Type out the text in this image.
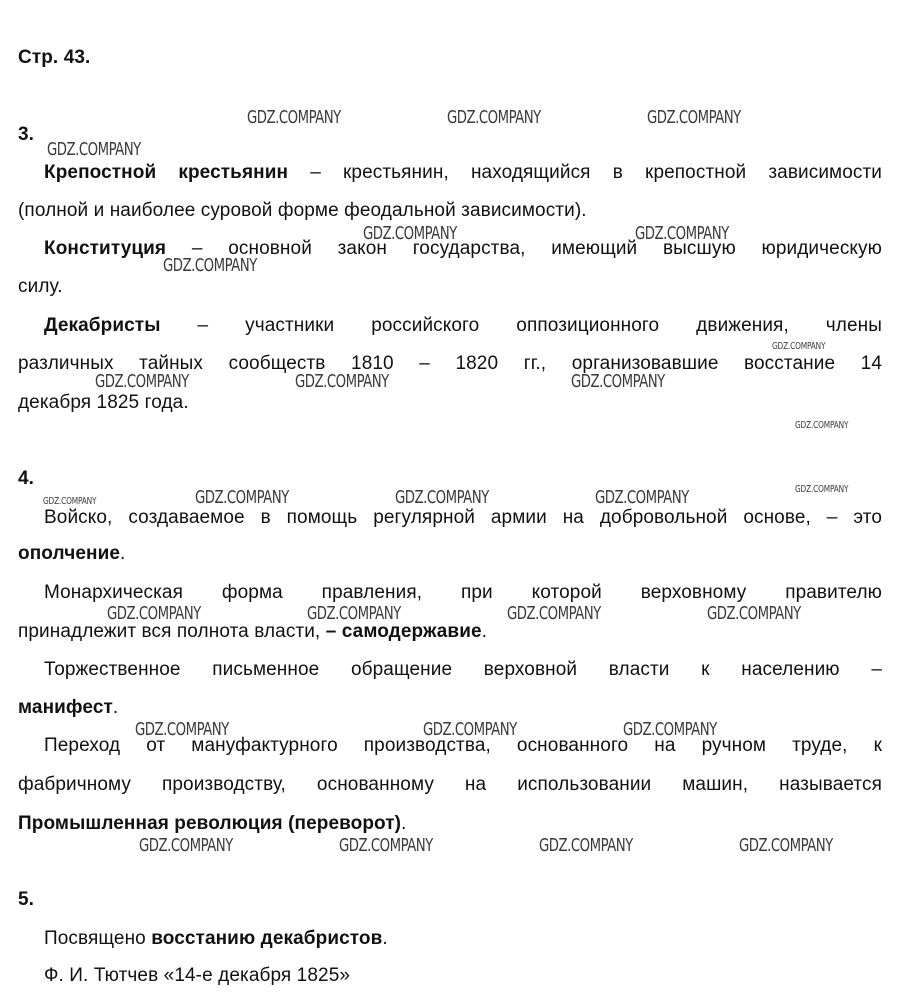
Стр. 43.
3.
Крепостной крестьянин – крестьянин, находящийся в крепостной зависимости
(полной и наиболее суровой форме феодальной зависимости).
Конституция – основной закон государства, имеющий высшую юридическую
силу.
Декабристы – участники российского оппозиционного движения, члены
различных тайных сообществ 1810 – 1820 гг., организовавшие восстание 14
декабря 1825 года.
4.
Войско, создаваемое в помощь регулярной армии на добровольной основе, – это
ополчение.
Монархическая форма правления, при которой верховному правителю
принадлежит вся полнота власти, – самодержавие.
Торжественное письменное обращение верховной власти к населению –
манифест.
Переход от мануфактурного производства, основанного на ручном труде, к
фабричному производству, основанному на использовании машин, называется
Промышленная революция (переворот).
5.
Посвящено восстанию декабристов.
Ф. И. Тютчев «14-е декабря 1825»
GDZ.COMPANY	GDZ.COMPANY	GDZ.COMPANY
GDZ.COMPANY
GDZ.COMPANY	GDZ.COMPANY
GDZ.COMPANY
GDZ.COMPANY
GDZ.COMPANY	GDZ.COMPANY	GDZ.COMPANY
GDZ.COMPANY
GDZ.COMPANY
GDZ.COMPANY	GDZ.COMPANY	GDZ.COMPANY	GDZ.COMPANY
GDZ.COMPANY	GDZ.COMPANY	GDZ.COMPANY	GDZ.COMPANY
GDZ.COMPANY	GDZ.COMPANY	GDZ.COMPANY
GDZ.COMPANY	GDZ.COMPANY	GDZ.COMPANY	GDZ.COMPANY
